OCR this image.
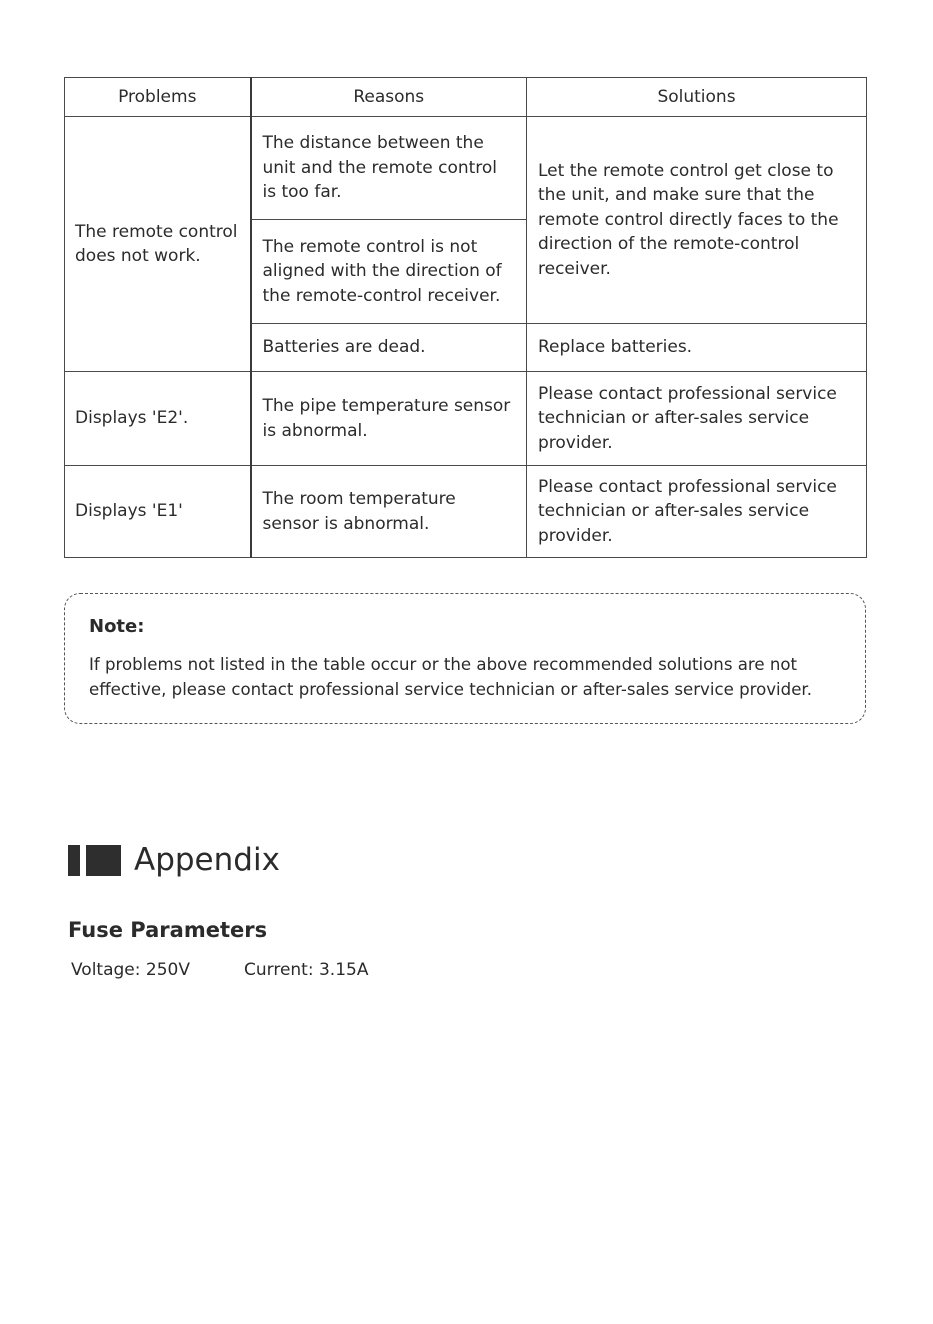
Problems	Reasons	Solutions
The remote control does not work.	The distance between the unit and the remote control is too far.	Let the remote control get close to the unit, and make sure that the remote control directly faces to the direction of the remote-control receiver.
	The remote control is not aligned with the direction of the remote-control receiver.	
	Batteries are dead.	Replace batteries.
Displays 'E2'.	The pipe temperature sensor is abnormal.	Please contact professional service technician or after-sales service provider.
Displays 'E1'	The room temperature sensor is abnormal.	Please contact professional service technician or after-sales service provider.

Note:

If problems not listed in the table occur or the above recommended solutions are not effective, please contact professional service technician or after-sales service provider.

Appendix
Fuse Parameters
Voltage: 250V	Current: 3.15A
